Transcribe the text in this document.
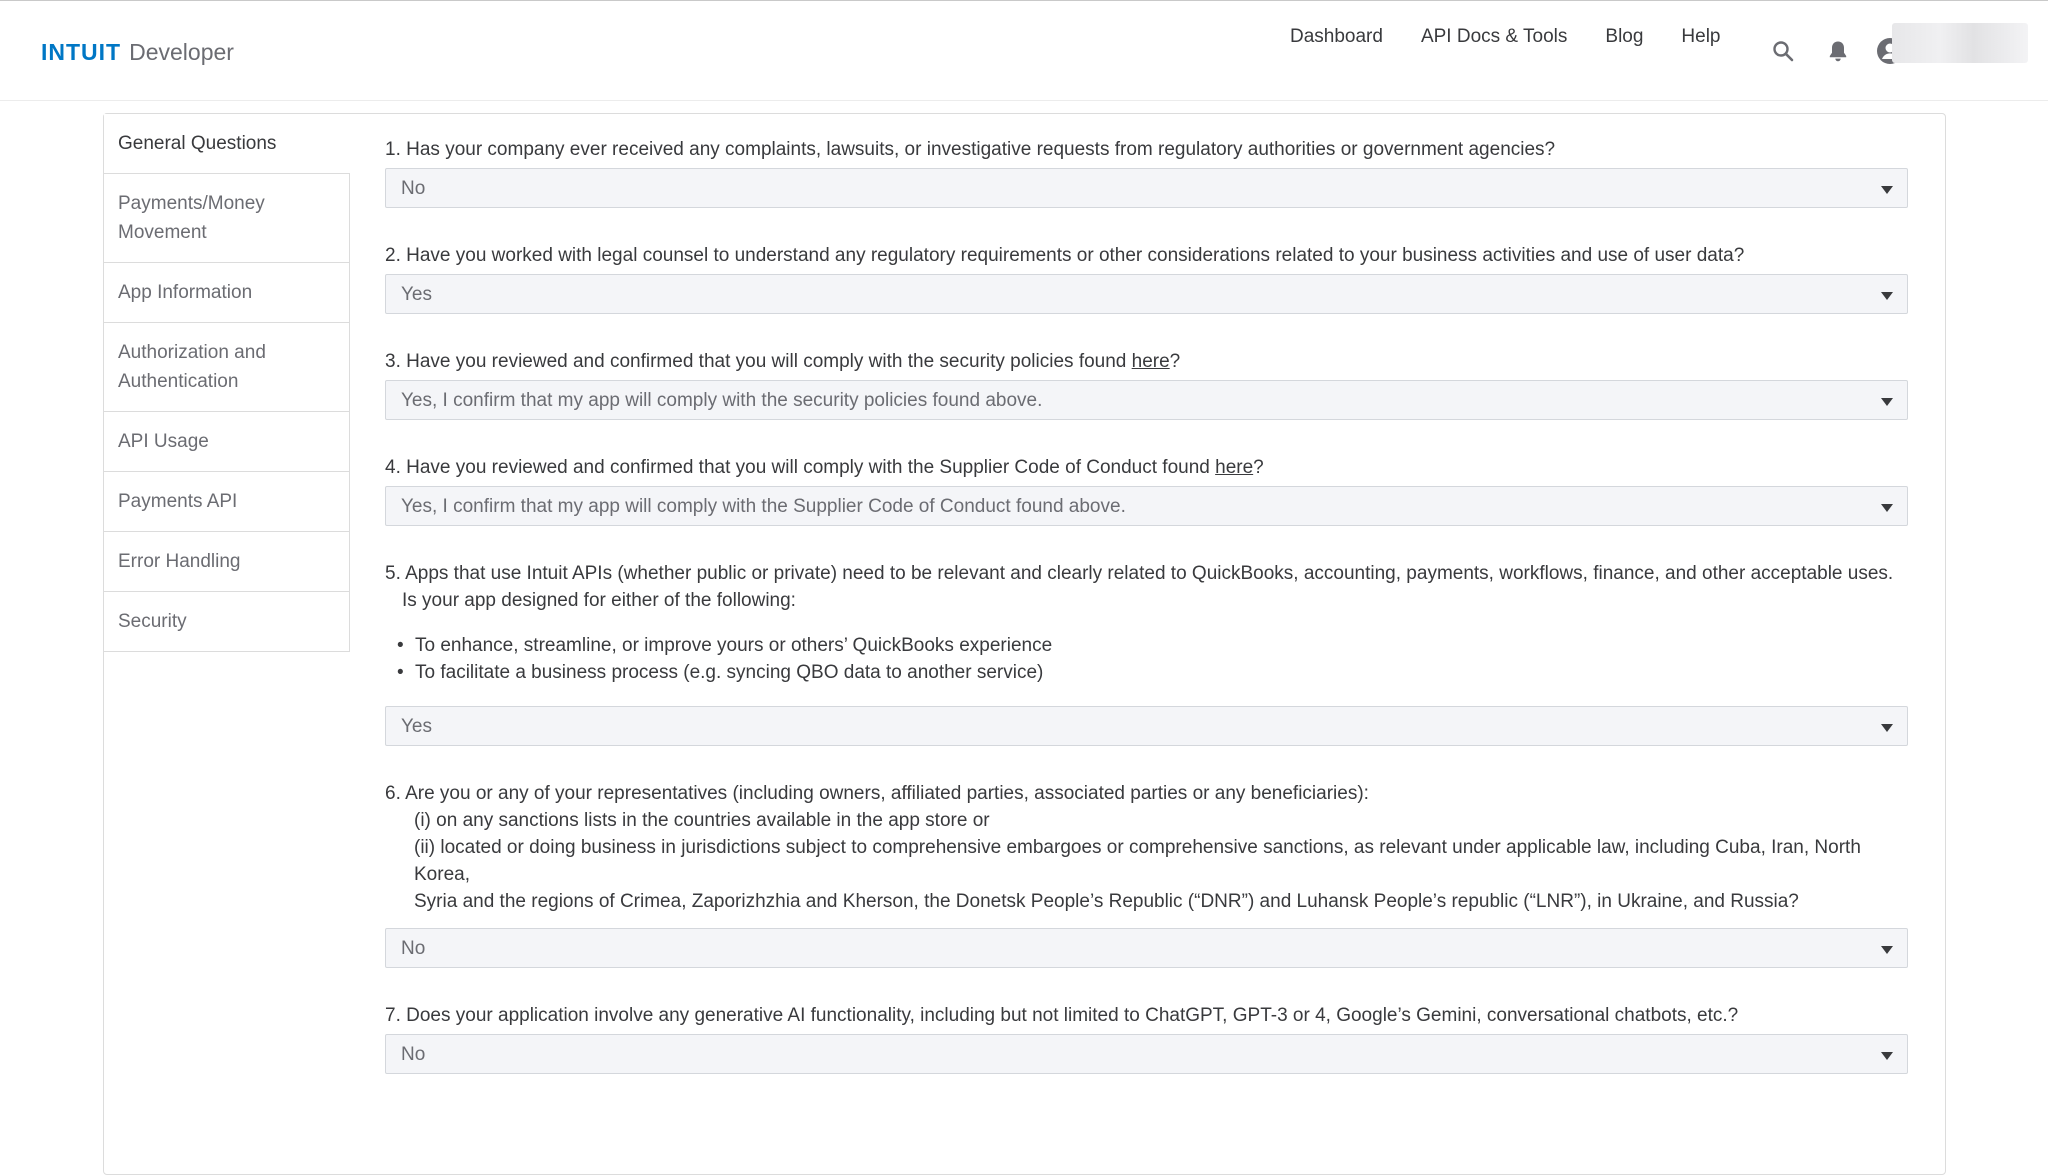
INTUIT Developer
Dashboard API Docs & Tools Blog Help
General Questions
Payments/Money Movement
App Information
Authorization and Authentication
API Usage
Payments API
Error Handling
Security
1. Has your company ever received any complaints, lawsuits, or investigative requests from regulatory authorities or government agencies?
No
2. Have you worked with legal counsel to understand any regulatory requirements or other considerations related to your business activities and use of user data?
Yes
3. Have you reviewed and confirmed that you will comply with the security policies found here?
Yes, I confirm that my app will comply with the security policies found above.
4. Have you reviewed and confirmed that you will comply with the Supplier Code of Conduct found here?
Yes, I confirm that my app will comply with the Supplier Code of Conduct found above.
5. Apps that use Intuit APIs (whether public or private) need to be relevant and clearly related to QuickBooks, accounting, payments, workflows, finance, and other acceptable uses.
Is your app designed for either of the following:
• To enhance, streamline, or improve yours or others’ QuickBooks experience
• To facilitate a business process (e.g. syncing QBO data to another service)
Yes
6. Are you or any of your representatives (including owners, affiliated parties, associated parties or any beneficiaries):
(i) on any sanctions lists in the countries available in the app store or
(ii) located or doing business in jurisdictions subject to comprehensive embargoes or comprehensive sanctions, as relevant under applicable law, including Cuba, Iran, North Korea,
Syria and the regions of Crimea, Zaporizhzhia and Kherson, the Donetsk People’s Republic (“DNR”) and Luhansk People’s republic (“LNR”), in Ukraine, and Russia?
No
7. Does your application involve any generative AI functionality, including but not limited to ChatGPT, GPT-3 or 4, Google’s Gemini, conversational chatbots, etc.?
No
